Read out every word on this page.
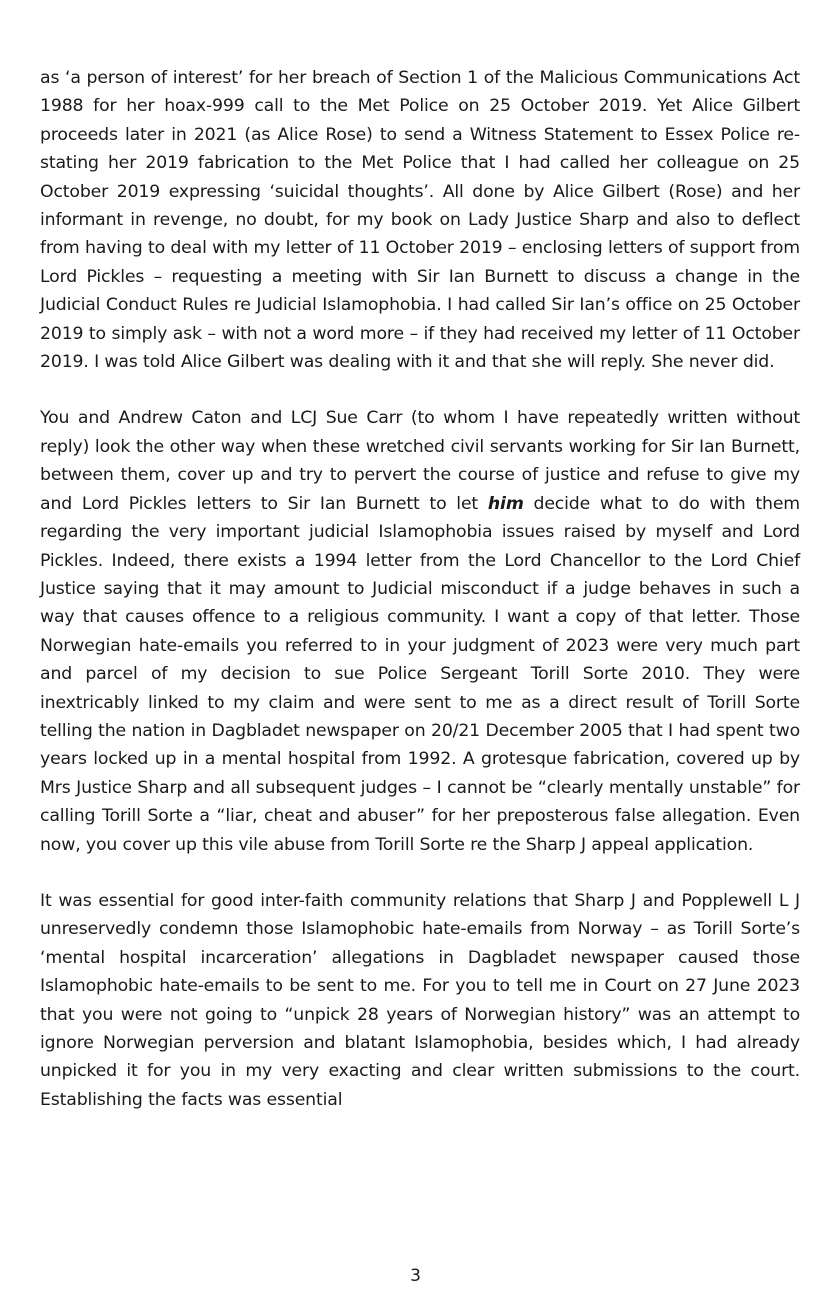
as ‘a person of interest’ for her breach of Section 1 of the Malicious Communications Act 1988 for her hoax-999 call to the Met Police on 25 October 2019. Yet Alice Gilbert proceeds later in 2021 (as Alice Rose) to send a Witness Statement to Essex Police re-stating her 2019 fabrication to the Met Police that I had called her colleague on 25 October 2019 expressing ‘suicidal thoughts’. All done by Alice Gilbert (Rose) and her informant in revenge, no doubt, for my book on Lady Justice Sharp and also to deflect from having to deal with my letter of 11 October 2019 – enclosing letters of support from Lord Pickles – requesting a meeting with Sir Ian Burnett to discuss a change in the Judicial Conduct Rules re Judicial Islamophobia. I had called Sir Ian’s office on 25 October 2019 to simply ask – with not a word more – if they had received my letter of 11 October 2019. I was told Alice Gilbert was dealing with it and that she will reply. She never did.

You and Andrew Caton and LCJ Sue Carr (to whom I have repeatedly written without reply) look the other way when these wretched civil servants working for Sir Ian Burnett, between them, cover up and try to pervert the course of justice and refuse to give my and Lord Pickles letters to Sir Ian Burnett to let him decide what to do with them regarding the very important judicial Islamophobia issues raised by myself and Lord Pickles. Indeed, there exists a 1994 letter from the Lord Chancellor to the Lord Chief Justice saying that it may amount to Judicial misconduct if a judge behaves in such a way that causes offence to a religious community. I want a copy of that letter. Those Norwegian hate-emails you referred to in your judgment of 2023 were very much part and parcel of my decision to sue Police Sergeant Torill Sorte 2010. They were inextricably linked to my claim and were sent to me as a direct result of Torill Sorte telling the nation in Dagbladet newspaper on 20/21 December 2005 that I had spent two years locked up in a mental hospital from 1992. A grotesque fabrication, covered up by Mrs Justice Sharp and all subsequent judges – I cannot be “clearly mentally unstable” for calling Torill Sorte a “liar, cheat and abuser” for her preposterous false allegation. Even now, you cover up this vile abuse from Torill Sorte re the Sharp J appeal application.

It was essential for good inter-faith community relations that Sharp J and Popplewell L J unreservedly condemn those Islamophobic hate-emails from Norway – as Torill Sorte’s ‘mental hospital incarceration’ allegations in Dagbladet newspaper caused those Islamophobic hate-emails to be sent to me. For you to tell me in Court on 27 June 2023 that you were not going to “unpick 28 years of Norwegian history” was an attempt to ignore Norwegian perversion and blatant Islamophobia, besides which, I had already unpicked it for you in my very exacting and clear written submissions to the court. Establishing the facts was essential

3
